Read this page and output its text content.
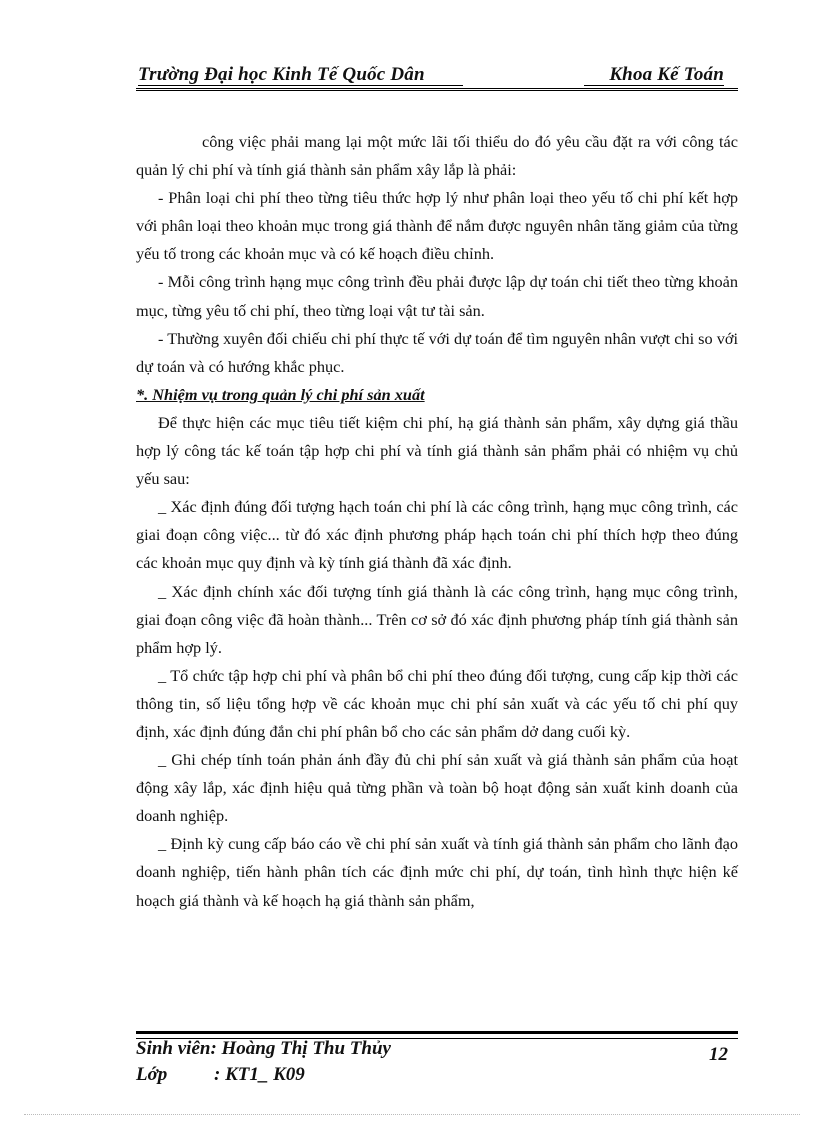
Trường Đại học Kinh Tế Quốc Dân	Khoa Kế Toán

công việc phải mang lại một mức lãi tối thiểu do đó yêu cầu đặt ra với công tác quản lý chi phí và tính giá thành sản phẩm xây lắp là phải:

- Phân loại chi phí theo từng tiêu thức hợp lý như phân loại theo yếu tố chi phí kết hợp với phân loại theo khoản mục trong giá thành để nắm được nguyên nhân tăng giảm của từng yếu tố trong các khoản mục và có kế hoạch điều chỉnh.

- Mỗi công trình hạng mục công trình đều phải được lập dự toán chi tiết theo từng khoản mục, từng yêu tố chi phí, theo từng loại vật tư tài sản.

- Thường xuyên đối chiếu chi phí thực tế với dự toán để tìm nguyên nhân vượt chi so với dự toán và có hướng khắc phục.

*. Nhiệm vụ trong quản lý chi phí sản xuất

Để thực hiện các mục tiêu tiết kiệm chi phí, hạ giá thành sản phẩm, xây dựng giá thầu hợp lý công tác kế toán tập hợp chi phí và tính giá thành sản phẩm phải có nhiệm vụ chủ yếu sau:

_ Xác định đúng đối tượng hạch toán chi phí là các công trình, hạng mục công trình, các giai đoạn công việc... từ đó xác định phương pháp hạch toán chi phí thích hợp theo đúng các khoản mục quy định và kỳ tính giá thành đã xác định.

_ Xác định chính xác đối tượng tính giá thành là các công trình, hạng mục công trình, giai đoạn công việc đã hoàn thành... Trên cơ sở đó xác định phương pháp tính giá thành sản phẩm hợp lý.

_ Tổ chức tập hợp chi phí và phân bổ chi phí theo đúng đối tượng, cung cấp kịp thời các thông tin, số liệu tổng hợp về các khoản mục chi phí sản xuất và các yếu tố chi phí quy định, xác định đúng đắn chi phí phân bổ cho các sản phẩm dở dang cuối kỳ.

_ Ghi chép tính toán phản ánh đầy đủ chi phí sản xuất và giá thành sản phẩm của hoạt động xây lắp, xác định hiệu quả từng phần và toàn bộ hoạt động sản xuất kinh doanh của doanh nghiệp.

_ Định kỳ cung cấp báo cáo về chi phí sản xuất và tính giá thành sản phẩm cho lãnh đạo doanh nghiệp, tiến hành phân tích các định mức chi phí, dự toán, tình hình thực hiện kế hoạch giá thành và kế hoạch hạ giá thành sản phẩm,

Sinh viên: Hoàng Thị Thu Thủy
Lớp : KT1_ K09
12
